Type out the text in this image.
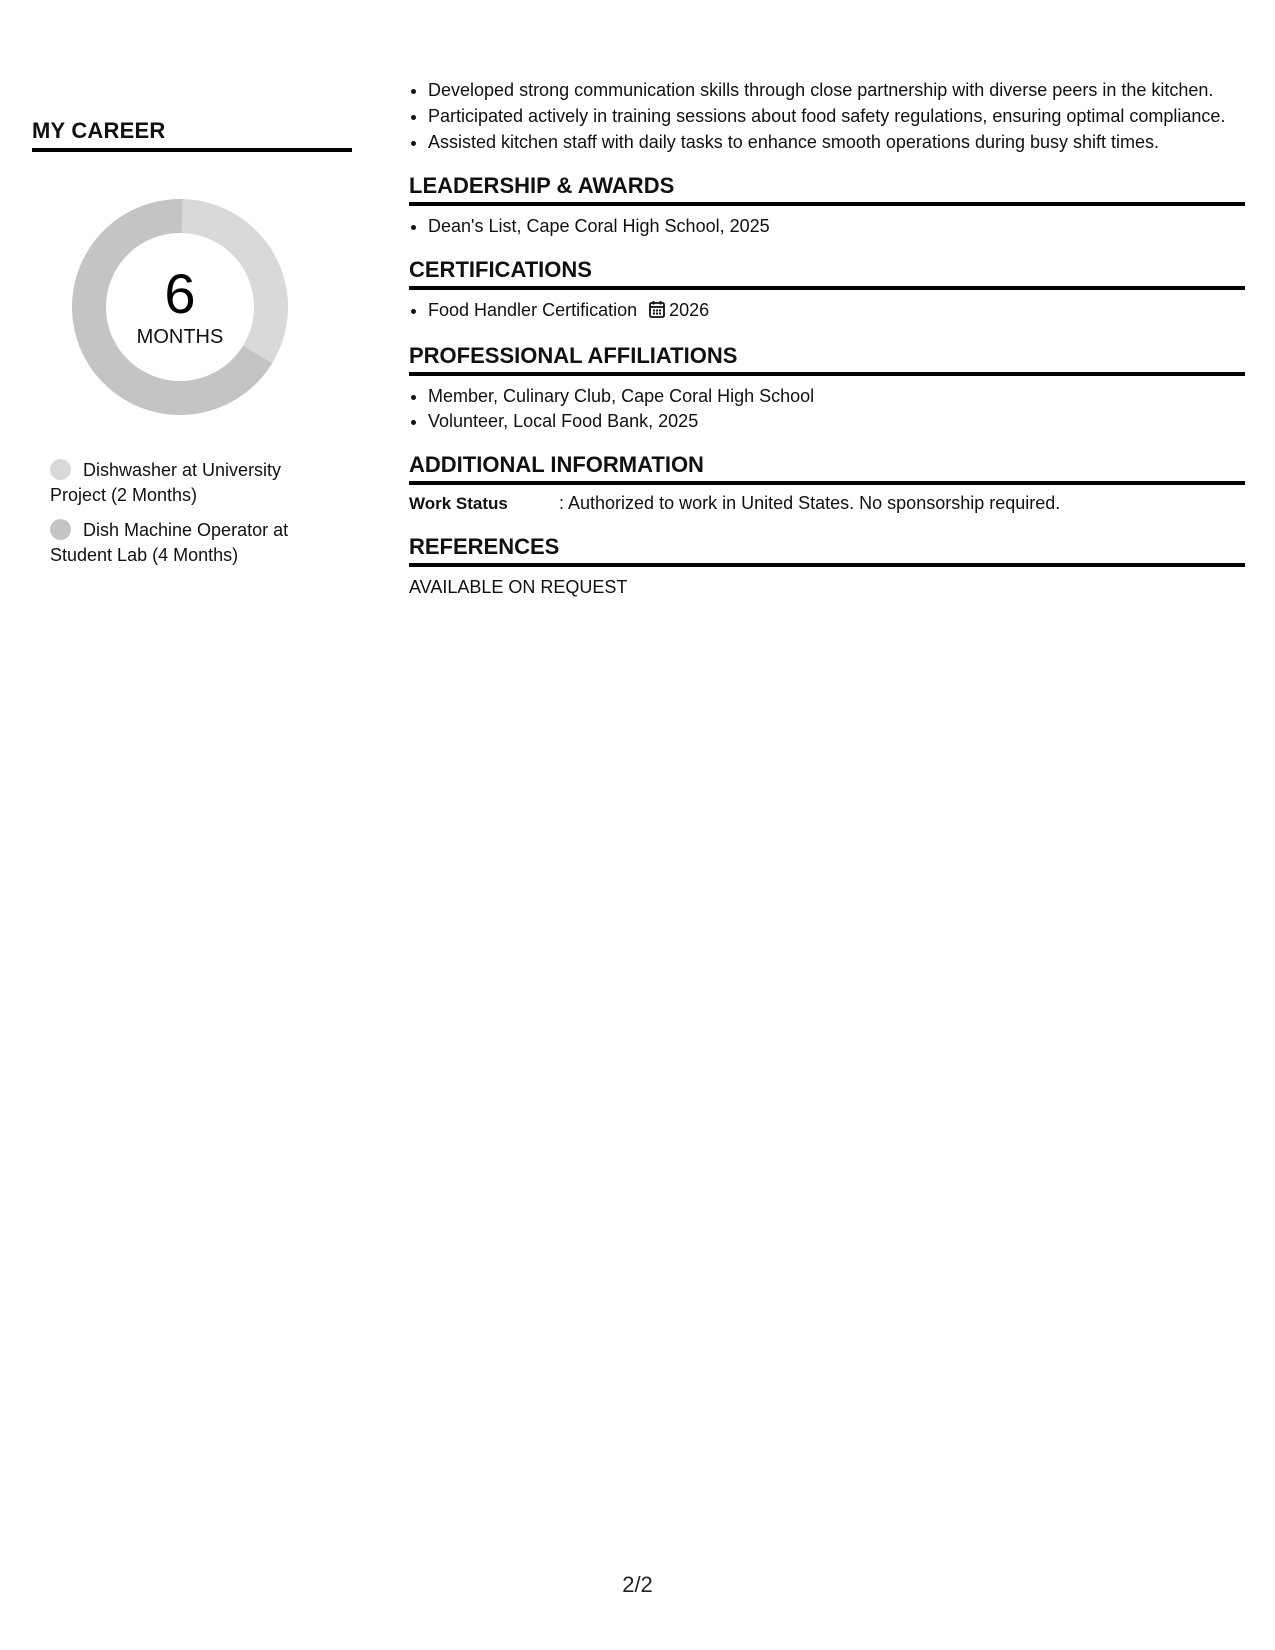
MY CAREER
6
MONTHS
Dishwasher at University Project (2 Months)
Dish Machine Operator at Student Lab (4 Months)
• Developed strong communication skills through close partnership with diverse peers in the kitchen.
• Participated actively in training sessions about food safety regulations, ensuring optimal compliance.
• Assisted kitchen staff with daily tasks to enhance smooth operations during busy shift times.
LEADERSHIP & AWARDS
• Dean's List, Cape Coral High School, 2025
CERTIFICATIONS
• Food Handler Certification 2026
PROFESSIONAL AFFILIATIONS
• Member, Culinary Club, Cape Coral High School
• Volunteer, Local Food Bank, 2025
ADDITIONAL INFORMATION
Work Status	: Authorized to work in United States. No sponsorship required.
REFERENCES
AVAILABLE ON REQUEST
2/2
